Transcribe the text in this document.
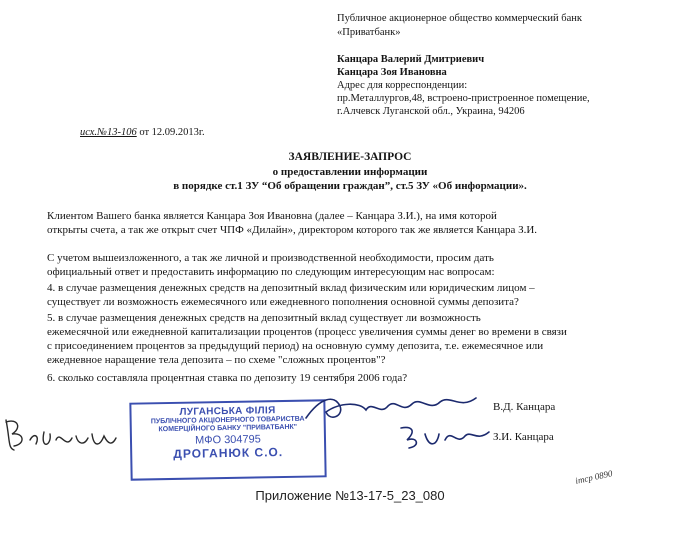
Публичное акционерное общество коммерческий банк
«Приватбанк»
Канцара Валерий Дмитриевич
Канцара Зоя Ивановна
Адрес для корреспонденции:
пр.Металлургов,48, встроено-пристроенное помещение,
г.Алчевск Луганской обл., Украина, 94206
исх.№13-106 от 12.09.2013г.
ЗАЯВЛЕНИЕ-ЗАПРОС
о предоставлении информации
в порядке ст.1 ЗУ “Об обращении граждан”, ст.5 ЗУ «Об информации».
Клиентом Вашего банка является Канцара Зоя Ивановна (далее – Канцара З.И.), на имя которой
открыты счета, а так же открыт счет ЧПФ «Дилайн», директором которого так же является Канцара З.И.
С учетом вышеизложенного, а так же личной и производственной необходимости, просим дать
официальный ответ и предоставить информацию по следующим интересующим нас вопросам:
4. в случае размещения денежных средств на депозитный вклад физическим или юридическим лицом –
существует ли возможность ежемесячного или ежедневного пополнения основной суммы депозита?
5. в случае размещения денежных средств на депозитный вклад существует ли возможность
ежемесячной или ежедневной капитализации процентов (процесс увеличения суммы денег во времени в связи
с присоединением процентов за предыдущий период) на основную сумму депозита, т.е. ежемесячное или
ежедневное наращение тела депозита – по схеме "сложных процентов"?
6. сколько составляла процентная ставка по депозиту 19 сентября 2006 года?
ЛУГАНСЬКА ФІЛІЯ
ПУБЛІЧНОГО АКЦІОНЕРНОГО ТОВАРИСТВА
КОМЕРЦІЙНОГО БАНКУ "ПРИВАТБАНК"
МФО 304795
ДРОГАНЮК С.О.
В.Д. Канцара
З.И. Канцара
ітср 0890
Приложение №13-17-5_23_080
